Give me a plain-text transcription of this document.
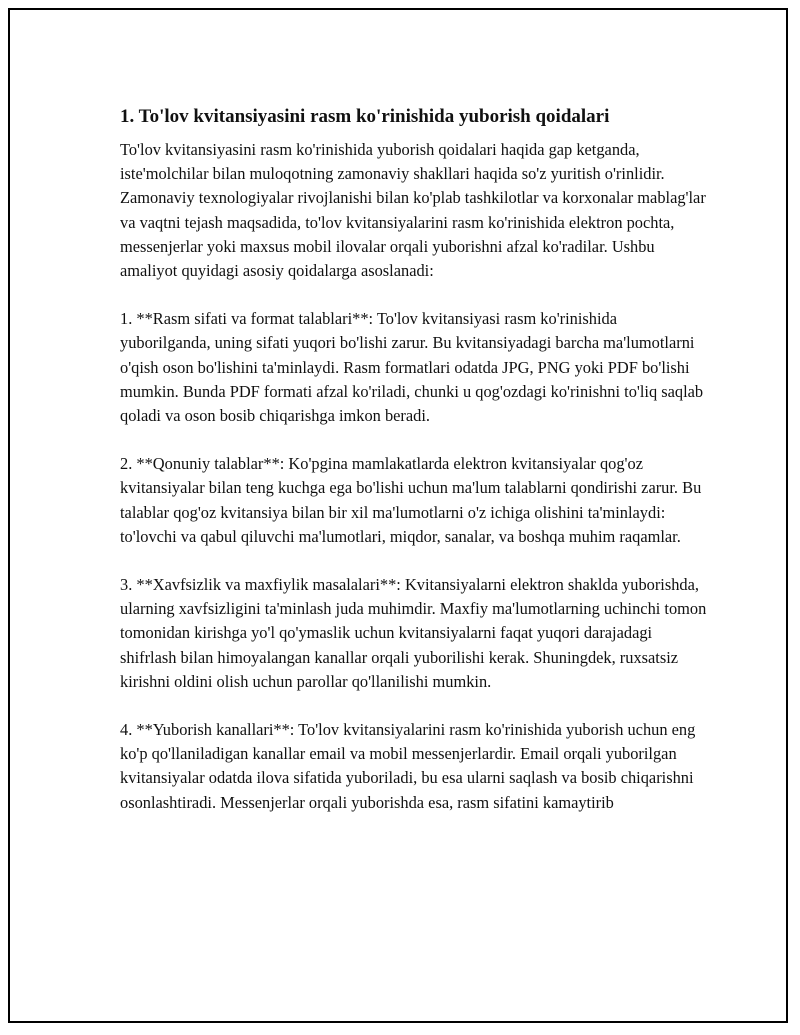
1. To'lov kvitansiyasini rasm ko'rinishida yuborish qoidalari

To'lov kvitansiyasini rasm ko'rinishida yuborish qoidalari haqida gap ketganda, iste'molchilar bilan muloqotning zamonaviy shakllari haqida so'z yuritish o'rinlidir. Zamonaviy texnologiyalar rivojlanishi bilan ko'plab tashkilotlar va korxonalar mablag'lar va vaqtni tejash maqsadida, to'lov kvitansiyalarini rasm ko'rinishida elektron pochta, messenjerlar yoki maxsus mobil ilovalar orqali yuborishni afzal ko'radilar. Ushbu amaliyot quyidagi asosiy qoidalarga asoslanadi:

1. **Rasm sifati va format talablari**: To'lov kvitansiyasi rasm ko'rinishida yuborilganda, uning sifati yuqori bo'lishi zarur. Bu kvitansiyadagi barcha ma'lumotlarni o'qish oson bo'lishini ta'minlaydi. Rasm formatlari odatda JPG, PNG yoki PDF bo'lishi mumkin. Bunda PDF formati afzal ko'riladi, chunki u qog'ozdagi ko'rinishni to'liq saqlab qoladi va oson bosib chiqarishga imkon beradi.

2. **Qonuniy talablar**: Ko'pgina mamlakatlarda elektron kvitansiyalar qog'oz kvitansiyalar bilan teng kuchga ega bo'lishi uchun ma'lum talablarni qondirishi zarur. Bu talablar qog'oz kvitansiya bilan bir xil ma'lumotlarni o'z ichiga olishini ta'minlaydi: to'lovchi va qabul qiluvchi ma'lumotlari, miqdor, sanalar, va boshqa muhim raqamlar.

3. **Xavfsizlik va maxfiylik masalalari**: Kvitansiyalarni elektron shaklda yuborishda, ularning xavfsizligini ta'minlash juda muhimdir. Maxfiy ma'lumotlarning uchinchi tomon tomonidan kirishga yo'l qo'ymaslik uchun kvitansiyalarni faqat yuqori darajadagi shifrlash bilan himoyalangan kanallar orqali yuborilishi kerak. Shuningdek, ruxsatsiz kirishni oldini olish uchun parollar qo'llanilishi mumkin.

4. **Yuborish kanallari**: To'lov kvitansiyalarini rasm ko'rinishida yuborish uchun eng ko'p qo'llaniladigan kanallar email va mobil messenjerlardir. Email orqali yuborilgan kvitansiyalar odatda ilova sifatida yuboriladi, bu esa ularni saqlash va bosib chiqarishni osonlashtiradi. Messenjerlar orqali yuborishda esa, rasm sifatini kamaytirib
